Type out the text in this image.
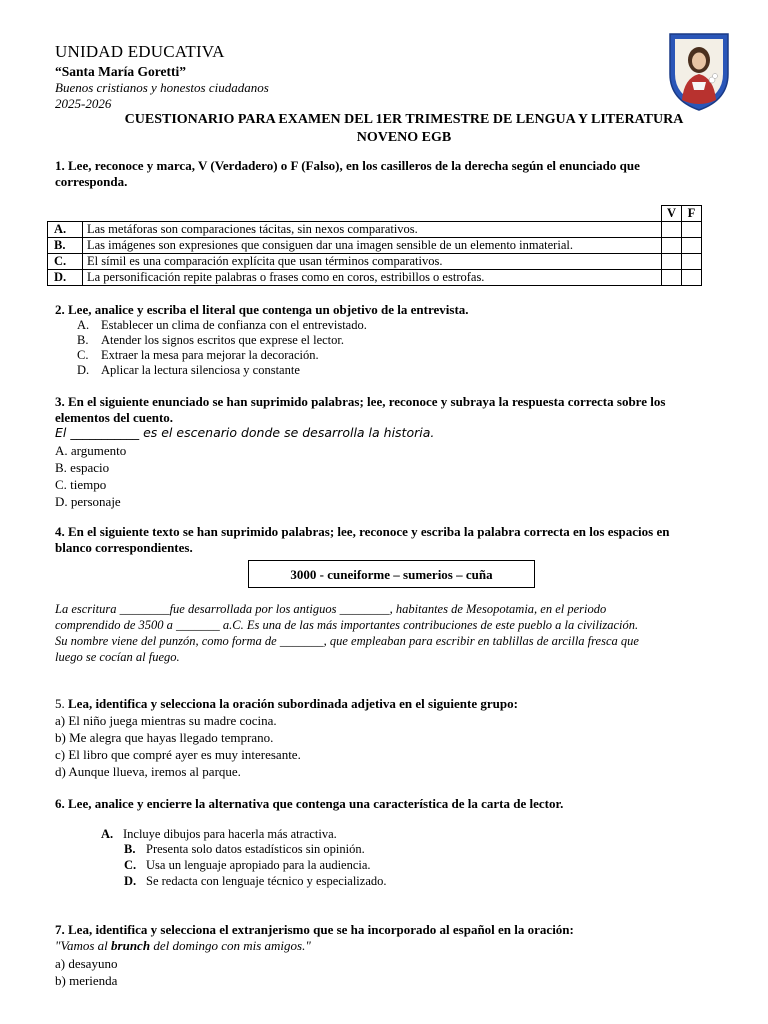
UNIDAD EDUCATIVA
“Santa María Goretti”
Buenos cristianos y honestos ciudadanos
2025-2026
CUESTIONARIO PARA EXAMEN DEL 1ER TRIMESTRE DE LENGUA Y LITERATURA
NOVENO EGB
1. Lee, reconoce y marca, V (Verdadero) o F (Falso), en los casilleros de la derecha según el enunciado que
corresponda.
		V	F
A.	Las metáforas son comparaciones tácitas, sin nexos comparativos.		
B.	Las imágenes son expresiones que consiguen dar una imagen sensible de un elemento inmaterial.		
C.	El símil es una comparación explícita que usan términos comparativos.		
D.	La personificación repite palabras o frases como en coros, estribillos o estrofas.		
2. Lee, analice y escriba el literal que contenga un objetivo de la entrevista.
A. Establecer un clima de confianza con el entrevistado.
B. Atender los signos escritos que exprese el lector.
C. Extraer la mesa para mejorar la decoración.
D. Aplicar la lectura silenciosa y constante
3. En el siguiente enunciado se han suprimido palabras; lee, reconoce y subraya la respuesta correcta sobre los
elementos del cuento.
El ___________ es el escenario donde se desarrolla la historia.
A. argumento
B. espacio
C. tiempo
D. personaje
4. En el siguiente texto se han suprimido palabras; lee, reconoce y escriba la palabra correcta en los espacios en
blanco correspondientes.
3000 - cuneiforme – sumerios – cuña
La escritura ________fue desarrollada por los antiguos ________, habitantes de Mesopotamia, en el periodo
comprendido de 3500 a _______ a.C. Es una de las más importantes contribuciones de este pueblo a la civilización.
Su nombre viene del punzón, como forma de _______, que empleaban para escribir en tablillas de arcilla fresca que
luego se cocían al fuego.
5. Lea, identifica y selecciona la oración subordinada adjetiva en el siguiente grupo:
a) El niño juega mientras su madre cocina.
b) Me alegra que hayas llegado temprano.
c) El libro que compré ayer es muy interesante.
d) Aunque llueva, iremos al parque.
6. Lee, analice y encierre la alternativa que contenga una característica de la carta de lector.
A. Incluye dibujos para hacerla más atractiva.
B. Presenta solo datos estadísticos sin opinión.
C. Usa un lenguaje apropiado para la audiencia.
D. Se redacta con lenguaje técnico y especializado.
7. Lea, identifica y selecciona el extranjerismo que se ha incorporado al español en la oración:
"Vamos al brunch del domingo con mis amigos."
a) desayuno
b) merienda
